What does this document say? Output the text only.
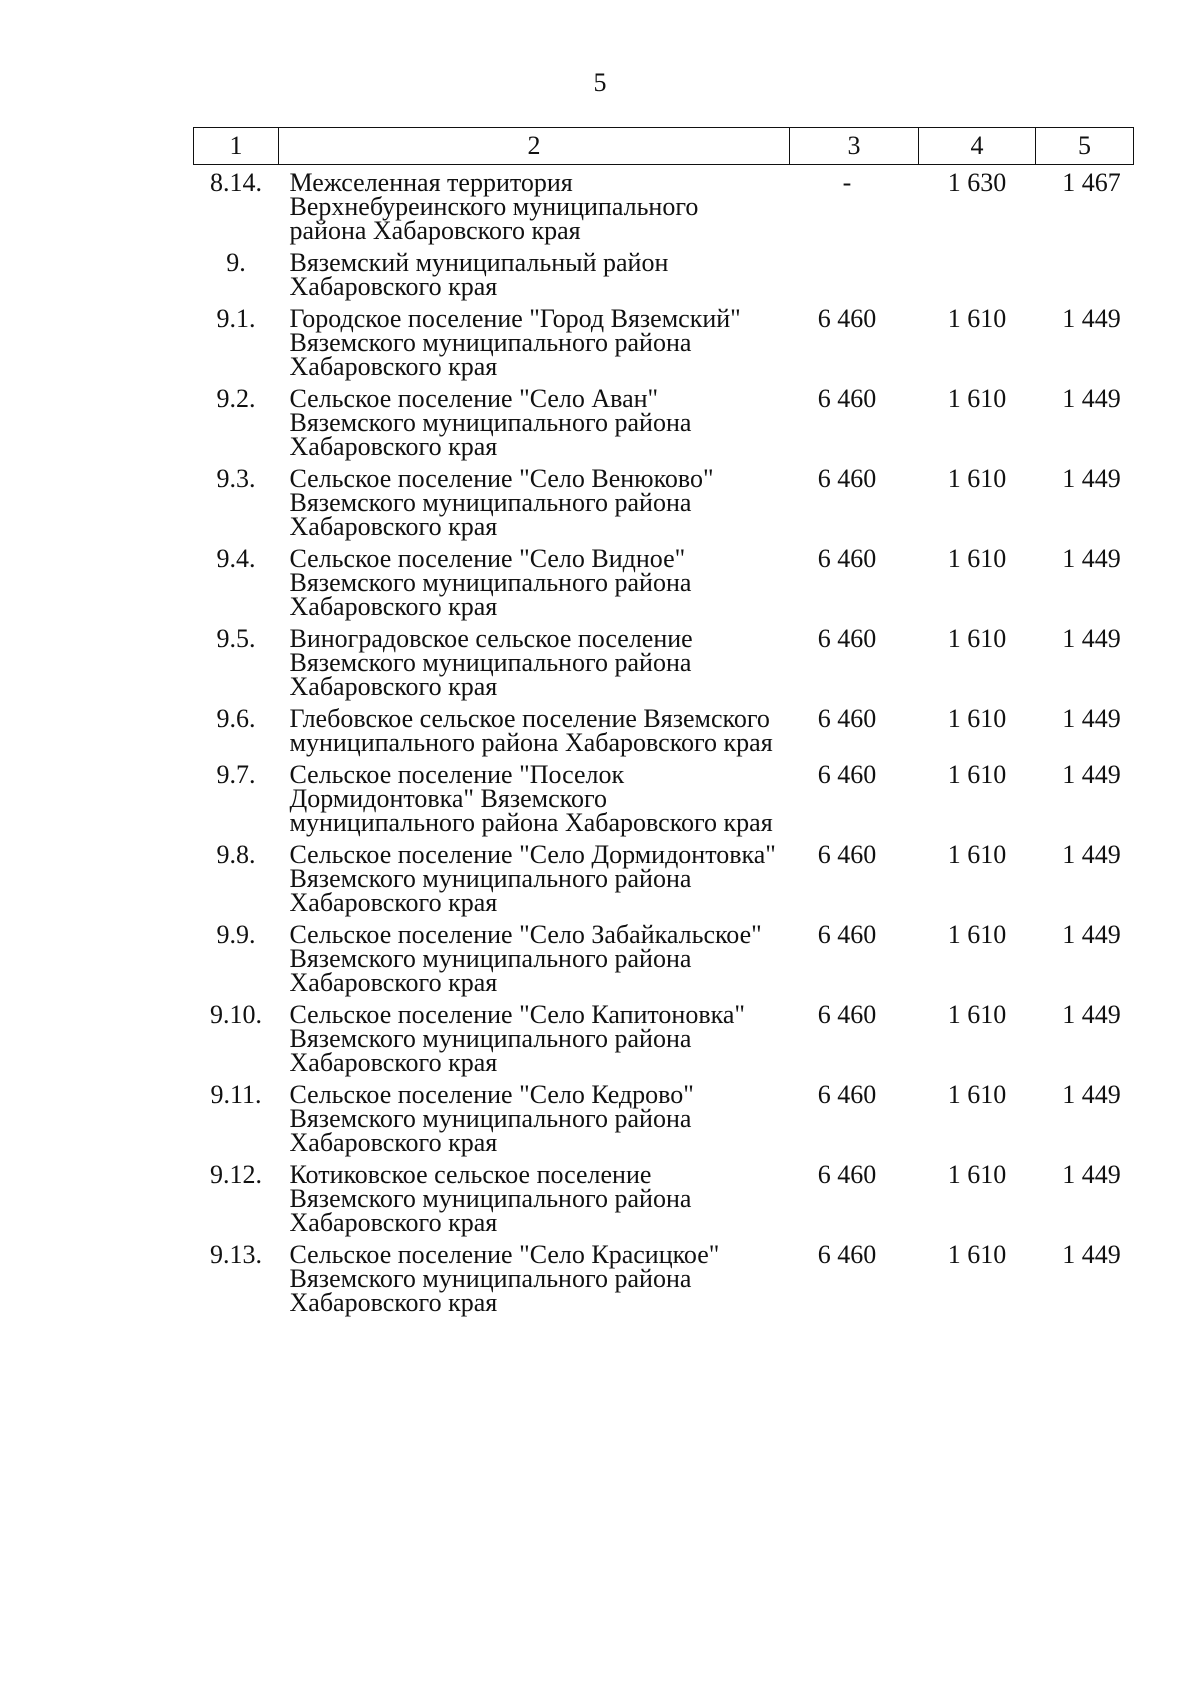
5
1	2	3	4	5
8.14.	Межселенная территория Верхнебуреинского муниципального района Хабаровского края	-	1 630	1 467
9.	Вяземский муниципальный район Хабаровского края			
9.1.	Городское поселение "Город Вяземский" Вяземского муниципального района Хабаровского края	6 460	1 610	1 449
9.2.	Сельское поселение "Село Аван" Вяземского муниципального района Хабаровского края	6 460	1 610	1 449
9.3.	Сельское поселение "Село Венюково" Вяземского муниципального района Хабаровского края	6 460	1 610	1 449
9.4.	Сельское поселение "Село Видное" Вяземского муниципального района Хабаровского края	6 460	1 610	1 449
9.5.	Виноградовское сельское поселение Вяземского муниципального района Хабаровского края	6 460	1 610	1 449
9.6.	Глебовское сельское поселение Вяземского муниципального района Хабаровского края	6 460	1 610	1 449
9.7.	Сельское поселение "Поселок Дормидонтовка" Вяземского муниципального района Хабаровского края	6 460	1 610	1 449
9.8.	Сельское поселение "Село Дормидонтовка" Вяземского муниципального района Хабаровского края	6 460	1 610	1 449
9.9.	Сельское поселение "Село Забайкальское" Вяземского муниципального района Хабаровского края	6 460	1 610	1 449
9.10.	Сельское поселение "Село Капитоновка" Вяземского муниципального района Хабаровского края	6 460	1 610	1 449
9.11.	Сельское поселение "Село Кедрово" Вяземского муниципального района Хабаровского края	6 460	1 610	1 449
9.12.	Котиковское сельское поселение Вяземского муниципального района Хабаровского края	6 460	1 610	1 449
9.13.	Сельское поселение "Село Красицкое" Вяземского муниципального района Хабаровского края	6 460	1 610	1 449
